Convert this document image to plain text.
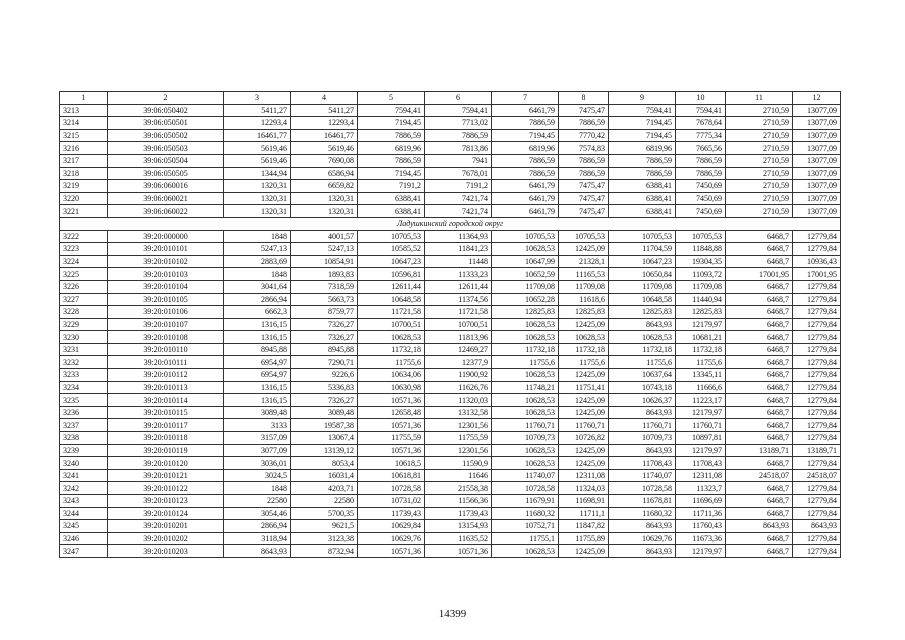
1	2	3	4	5	6	7	8	9	10	11	12
3213	39:06:050402	5411,27	5411,27	7594,41	7594,41	6461,79	7475,47	7594,41	7594,41	2710,59	13077,09
3214	39:06:050501	12293,4	12293,4	7194,45	7713,02	7886,59	7886,59	7194,45	7678,64	2710,59	13077,09
3215	39:06:050502	16461,77	16461,77	7886,59	7886,59	7194,45	7770,42	7194,45	7775,34	2710,59	13077,09
3216	39:06:050503	5619,46	5619,46	6819,96	7813,86	6819,96	7574,83	6819,96	7665,56	2710,59	13077,09
3217	39:06:050504	5619,46	7690,08	7886,59	7941	7886,59	7886,59	7886,59	7886,59	2710,59	13077,09
3218	39:06:050505	1344,94	6586,94	7194,45	7678,01	7886,59	7886,59	7886,59	7886,59	2710,59	13077,09
3219	39:06:060016	1320,31	6659,82	7191,2	7191,2	6461,79	7475,47	6388,41	7450,69	2710,59	13077,09
3220	39:06:060021	1320,31	1320,31	6388,41	7421,74	6461,79	7475,47	6388,41	7450,69	2710,59	13077,09
3221	39:06:060022	1320,31	1320,31	6388,41	7421,74	6461,79	7475,47	6388,41	7450,69	2710,59	13077,09
Ладушкинский городской округ											
3222	39:20:000000	1848	4001,57	10705,53	11364,93	10705,53	10705,53	10705,53	10705,53	6468,7	12779,84
3223	39:20:010101	5247,13	5247,13	10585,52	11841,23	10628,53	12425,09	11704,59	11848,88	6468,7	12779,84
3224	39:20:010102	2883,69	10854,91	10647,23	11448	10647,99	21328,1	10647,23	19304,35	6468,7	10936,43
3225	39:20:010103	1848	1893,83	10596,81	11333,23	10652,59	11165,53	10650,84	11093,72	17001,95	17001,95
3226	39:20:010104	3041,64	7318,59	12611,44	12611,44	11709,08	11709,08	11709,08	11709,08	6468,7	12779,84
3227	39:20:010105	2866,94	5663,73	10648,58	11374,56	10652,28	11618,6	10648,58	11440,94	6468,7	12779,84
3228	39:20:010106	6662,3	8759,77	11721,58	11721,58	12825,83	12825,83	12825,83	12825,83	6468,7	12779,84
3229	39:20:010107	1316,15	7326,27	10700,51	10700,51	10628,53	12425,09	8643,93	12179,97	6468,7	12779,84
3230	39:20:010108	1316,15	7326,27	10628,53	11813,96	10628,53	10628,53	10628,53	10681,21	6468,7	12779,84
3231	39:20:010110	8945,88	8945,88	11732,18	12469,27	11732,18	11732,18	11732,18	11732,18	6468,7	12779,84
3232	39:20:010111	6954,97	7290,71	11755,6	12377,9	11755,6	11755,6	11755,6	11755,6	6468,7	12779,84
3233	39:20:010112	6954,97	9226,6	10634,06	11900,92	10628,53	12425,09	10637,64	13345,11	6468,7	12779,84
3234	39:20:010113	1316,15	5336,83	10630,98	11626,76	11748,21	11751,41	10743,18	11666,6	6468,7	12779,84
3235	39:20:010114	1316,15	7326,27	10571,36	11320,03	10628,53	12425,09	10626,37	11223,17	6468,7	12779,84
3236	39:20:010115	3089,48	3089,48	12658,48	13132,58	10628,53	12425,09	8643,93	12179,97	6468,7	12779,84
3237	39:20:010117	3133	19587,38	10571,36	12301,56	11760,71	11760,71	11760,71	11760,71	6468,7	12779,84
3238	39:20:010118	3157,09	13067,4	11755,59	11755,59	10709,73	10726,82	10709,73	10897,81	6468,7	12779,84
3239	39:20:010119	3077,09	13139,12	10571,36	12301,56	10628,53	12425,09	8643,93	12179,97	13189,71	13189,71
3240	39:20:010120	3036,01	8053,4	10618,5	11590,9	10628,53	12425,09	11708,43	11708,43	6468,7	12779,84
3241	39:20:010121	3024,5	16031,4	10618,81	11646	11740,07	12311,08	11740,07	12311,08	24518,07	24518,07
3242	39:20:010122	1848	4203,71	10728,58	21558,38	10728,58	11324,03	10728,58	11323,7	6468,7	12779,84
3243	39:20:010123	22580	22580	10731,02	11566,36	11679,91	11698,91	11678,81	11696,69	6468,7	12779,84
3244	39:20:010124	3054,46	5700,35	11739,43	11739,43	11680,32	11711,1	11680,32	11711,36	6468,7	12779,84
3245	39:20:010201	2866,94	9621,5	10629,84	13154,93	10752,71	11847,82	8643,93	11760,43	8643,93	8643,93
3246	39:20:010202	3118,94	3123,38	10629,76	11635,52	11755,1	11755,89	10629,76	11673,36	6468,7	12779,84
3247	39:20:010203	8643,93	8732,94	10571,36	10571,36	10628,53	12425,09	8643,93	12179,97	6468,7	12779,84
14399
